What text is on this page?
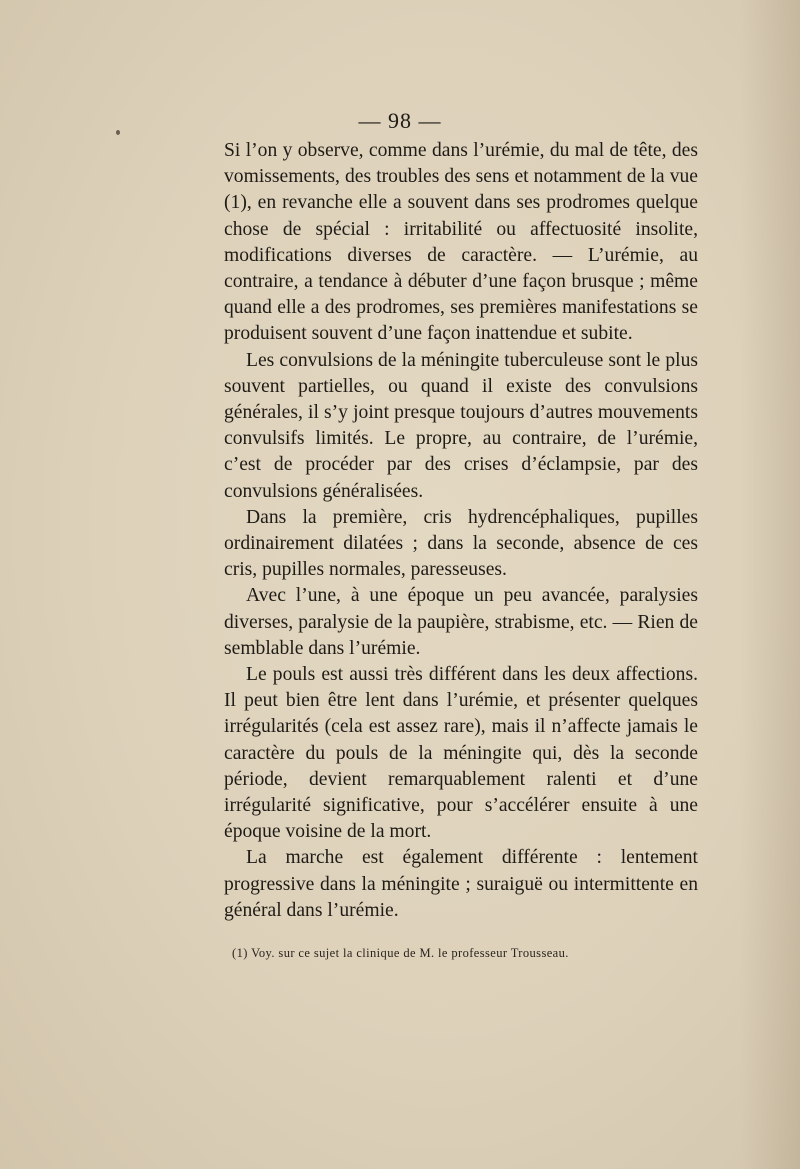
— 98 —

Si l’on y observe, comme dans l’urémie, du mal de tête, des vomissements, des troubles des sens et notamment de la vue (1), en revanche elle a souvent dans ses prodromes quelque chose de spécial : irritabilité ou affectuosité insolite, modifications diverses de caractère. — L’urémie, au contraire, a tendance à débuter d’une façon brusque ; même quand elle a des prodromes, ses premières manifestations se produisent souvent d’une façon inattendue et subite.

Les convulsions de la méningite tuberculeuse sont le plus souvent partielles, ou quand il existe des convulsions générales, il s’y joint presque toujours d’autres mouvements convulsifs limités. Le propre, au contraire, de l’urémie, c’est de procéder par des crises d’éclampsie, par des convulsions généralisées.

Dans la première, cris hydrencéphaliques, pupilles ordinairement dilatées ; dans la seconde, absence de ces cris, pupilles normales, paresseuses.

Avec l’une, à une époque un peu avancée, paralysies diverses, paralysie de la paupière, strabisme, etc. — Rien de semblable dans l’urémie.

Le pouls est aussi très différent dans les deux affections. Il peut bien être lent dans l’urémie, et présenter quelques irrégularités (cela est assez rare), mais il n’affecte jamais le caractère du pouls de la méningite qui, dès la seconde période, devient remarquablement ralenti et d’une irrégularité significative, pour s’accélérer ensuite à une époque voisine de la mort.

La marche est également différente : lentement progressive dans la méningite ; suraiguë ou intermittente en général dans l’urémie.

(1) Voy. sur ce sujet la clinique de M. le professeur Trousseau.
